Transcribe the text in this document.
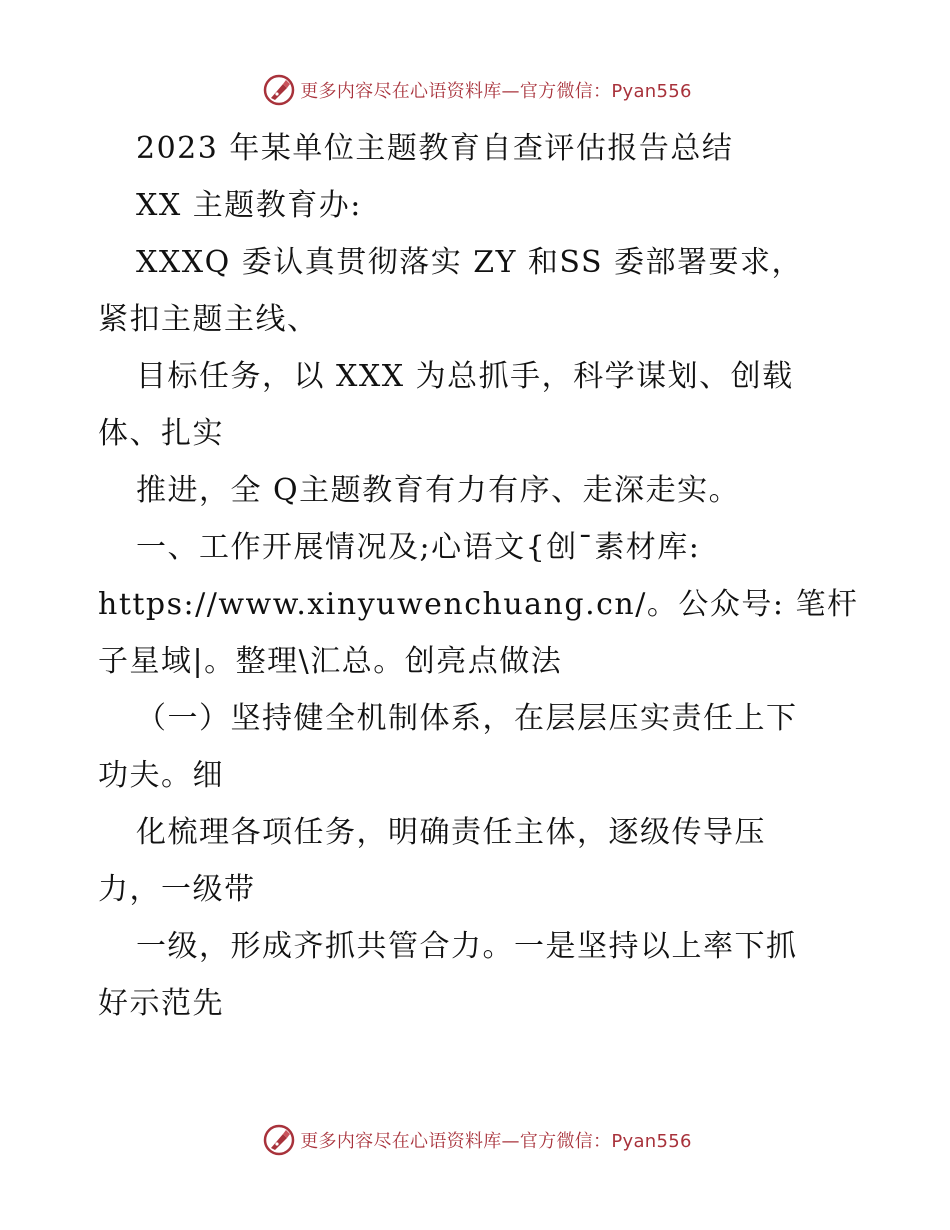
更多内容尽在心语资料库—官方微信：Pyan556
2023 年某单位主题教育自查评估报告总结
XX 主题教育办:
XXXQ 委认真贯彻落实 ZY 和SS 委部署要求，
紧扣主题主线、
目标任务，以 XXX 为总抓手，科学谋划、创载
体、扎实
推进，全 Q主题教育有力有序、走深走实。
一、工作开展情况及;心语文{创¯素材库:
https://www.xinyuwenchuang.cn/。公众号: 笔杆
子星域|。整理\汇总。创亮点做法
（一）坚持健全机制体系，在层层压实责任上下
功夫。细
化梳理各项任务，明确责任主体，逐级传导压
力，一级带
一级，形成齐抓共管合力。一是坚持以上率下抓
好示范先
更多内容尽在心语资料库—官方微信：Pyan556
